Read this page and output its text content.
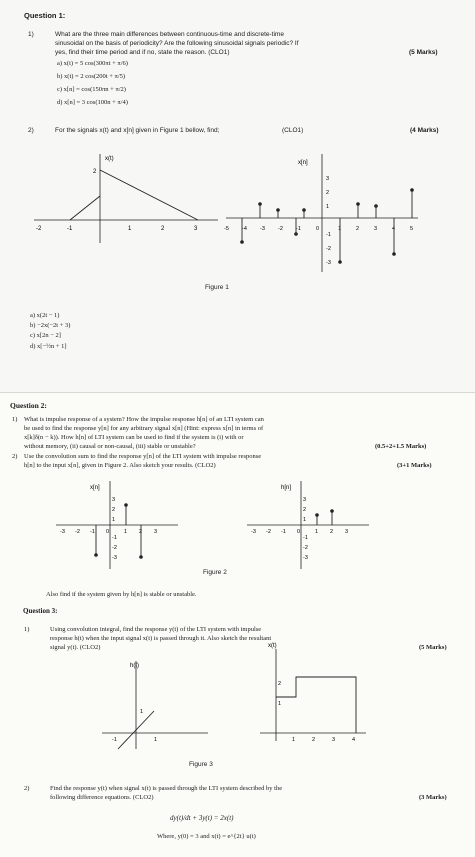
Question 1:
1)	What are the three main differences between continuous-time and discrete-time
sinusoidal on the basis of periodicity? Are the following sinusoidal signals periodic? If
yes, find their time period and if no, state the reason. (CLO1)	(5 Marks)
a) x(t) = 5 cos(300πt + π/6)
b) x(t) = 2 cos(200t + π/5)
c) x[n] = cos(150πn + π/2)
d) x[n] = 3 cos(100n + π/4)
2)	For the signals x(t) and x[n] given in Figure 1 bellow, find;	(CLO1)	(4 Marks)
x(t)
2
-2	-1	1	2	3
x[n]
3
2
1
-1
-2
-3
-5 -4 -3 -2 -1	0	1	2	3	4	5
Figure 1
a) x(2t − 1)
b) −2x(−2t + 3)
c) x[2n − 2]
d) x[−½n + 1]
Question 2:
1) What is impulse response of a system? How the impulse response h[n] of an LTI system can
be used to find the response y[n] for any arbitrary signal x[n] (Hint: express x[n] in terms of
x[k]δ(n − k)). How h[n] of LTI system can be used to find if the system is (i) with or
without memory, (ii) causal or non-causal, (iii) stable or unstable?	(0.5+2+1.5 Marks)
2) Use the convolution sum to find the response y[n] of the LTI system with impulse response
h[n] to the input x[n], given in Figure 2. Also sketch your results. (CLO2)	(3+1 Marks)
x[n]
3
2
1
-1
-2
-3
-3 -2 -1 0	1 2 3
h[n]
3
2
1
-1
-2
-3
-3 -2 -1 0	1 2 3
Figure 2
Also find if the system given by h[n] is stable or unstable.
Question 3:
1)	Using convolution integral, find the response y(t) of the LTI system with impulse
response h(t) when the input signal x(t) is passed through it. Also sketch the resultant
signal y(t). (CLO2)	(5 Marks)
h(t)
1
-1	1
x(t)
2
1
1	2	3	4
Figure 3
2)	Find the response y(t) when signal x(t) is passed through the LTI system described by the
following difference equations. (CLO2)	(3 Marks)
dy(t)/dt + 3y(t) = 2x(t)
Where, y(0) = 3 and x(t) = e^{2t} u(t)
